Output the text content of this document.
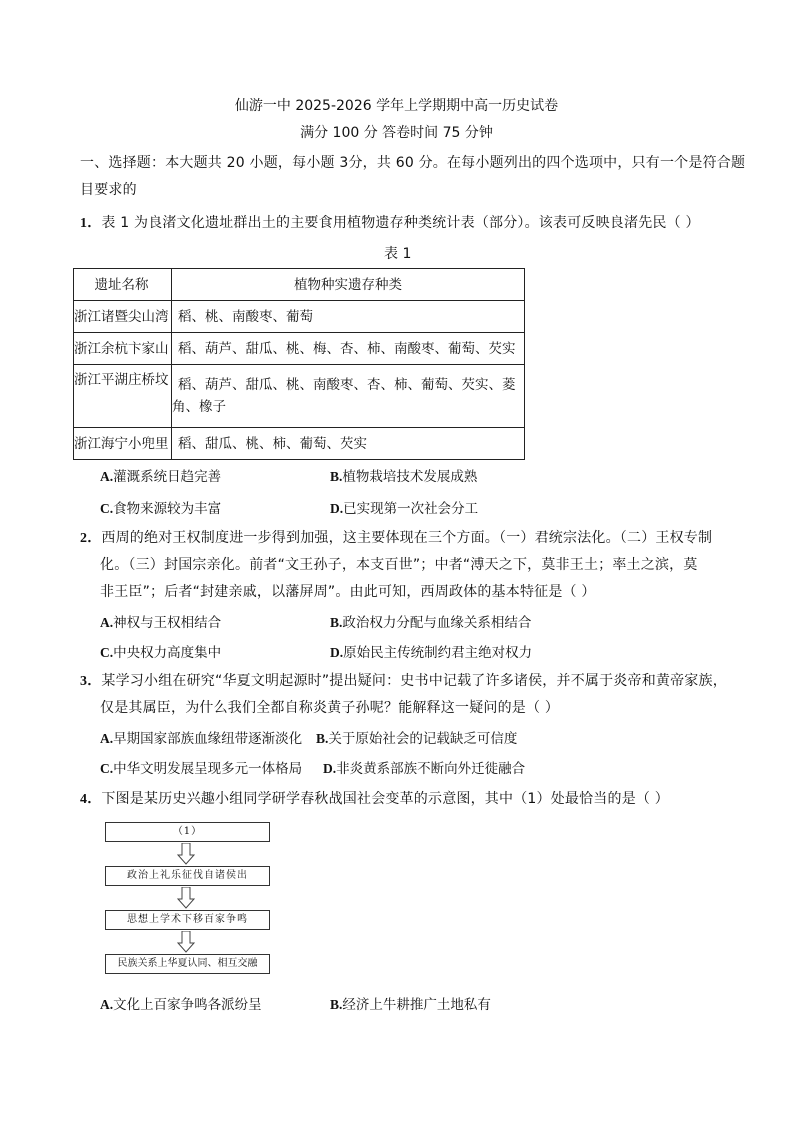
仙游一中 2025-2026 学年上学期期中高一历史试卷
满分 100 分 答卷时间 75 分钟
一、选择题：本大题共 20 小题，每小题 3分，共 60 分。在每小题列出的四个选项中，只有一个是符合题
目要求的
1．表 1 为良渚文化遗址群出土的主要食用植物遗存种类统计表（部分）。该表可反映良渚先民（ ）
表 1
遗址名称	植物种实遗存种类
浙江诸暨尖山湾	稻、桃、南酸枣、葡萄
浙江余杭卞家山	稻、葫芦、甜瓜、桃、梅、杏、柿、南酸枣、葡萄、芡实
浙江平湖庄桥坟	稻、葫芦、甜瓜、桃、南酸枣、杏、柿、葡萄、芡实、菱
角、橡子

浙江海宁小兜里	稻、甜瓜、桃、柿、葡萄、芡实
A.灌溉系统日趋完善	B.植物栽培技术发展成熟
C.食物来源较为丰富	D.已实现第一次社会分工
2．西周的绝对王权制度进一步得到加强，这主要体现在三个方面。（一）君统宗法化。（二）王权专制
化。（三）封国宗亲化。前者“文王孙子，本支百世”；中者“溥天之下，莫非王土；率土之滨，莫
非王臣”；后者“封建亲戚，以藩屏周”。由此可知，西周政体的基本特征是（ ）
A.神权与王权相结合	B.政治权力分配与血缘关系相结合
C.中央权力高度集中	D.原始民主传统制约君主绝对权力
3．某学习小组在研究“华夏文明起源时”提出疑问：史书中记载了许多诸侯，并不属于炎帝和黄帝家族，
仅是其属臣，为什么我们全都自称炎黄子孙呢？能解释这一疑问的是（ ）
A.早期国家部族血缘纽带逐渐淡化 B.关于原始社会的记载缺乏可信度
C.中华文明发展呈现多元一体格局 D.非炎黄系部族不断向外迁徙融合
4．下图是某历史兴趣小组同学研学春秋战国社会变革的示意图，其中（1）处最恰当的是（ ）
（1）
政治上礼乐征伐自诸侯出
思想上学术下移百家争鸣
民族关系上华夏认同、相互交融
A.文化上百家争鸣各派纷呈	B.经济上牛耕推广土地私有
